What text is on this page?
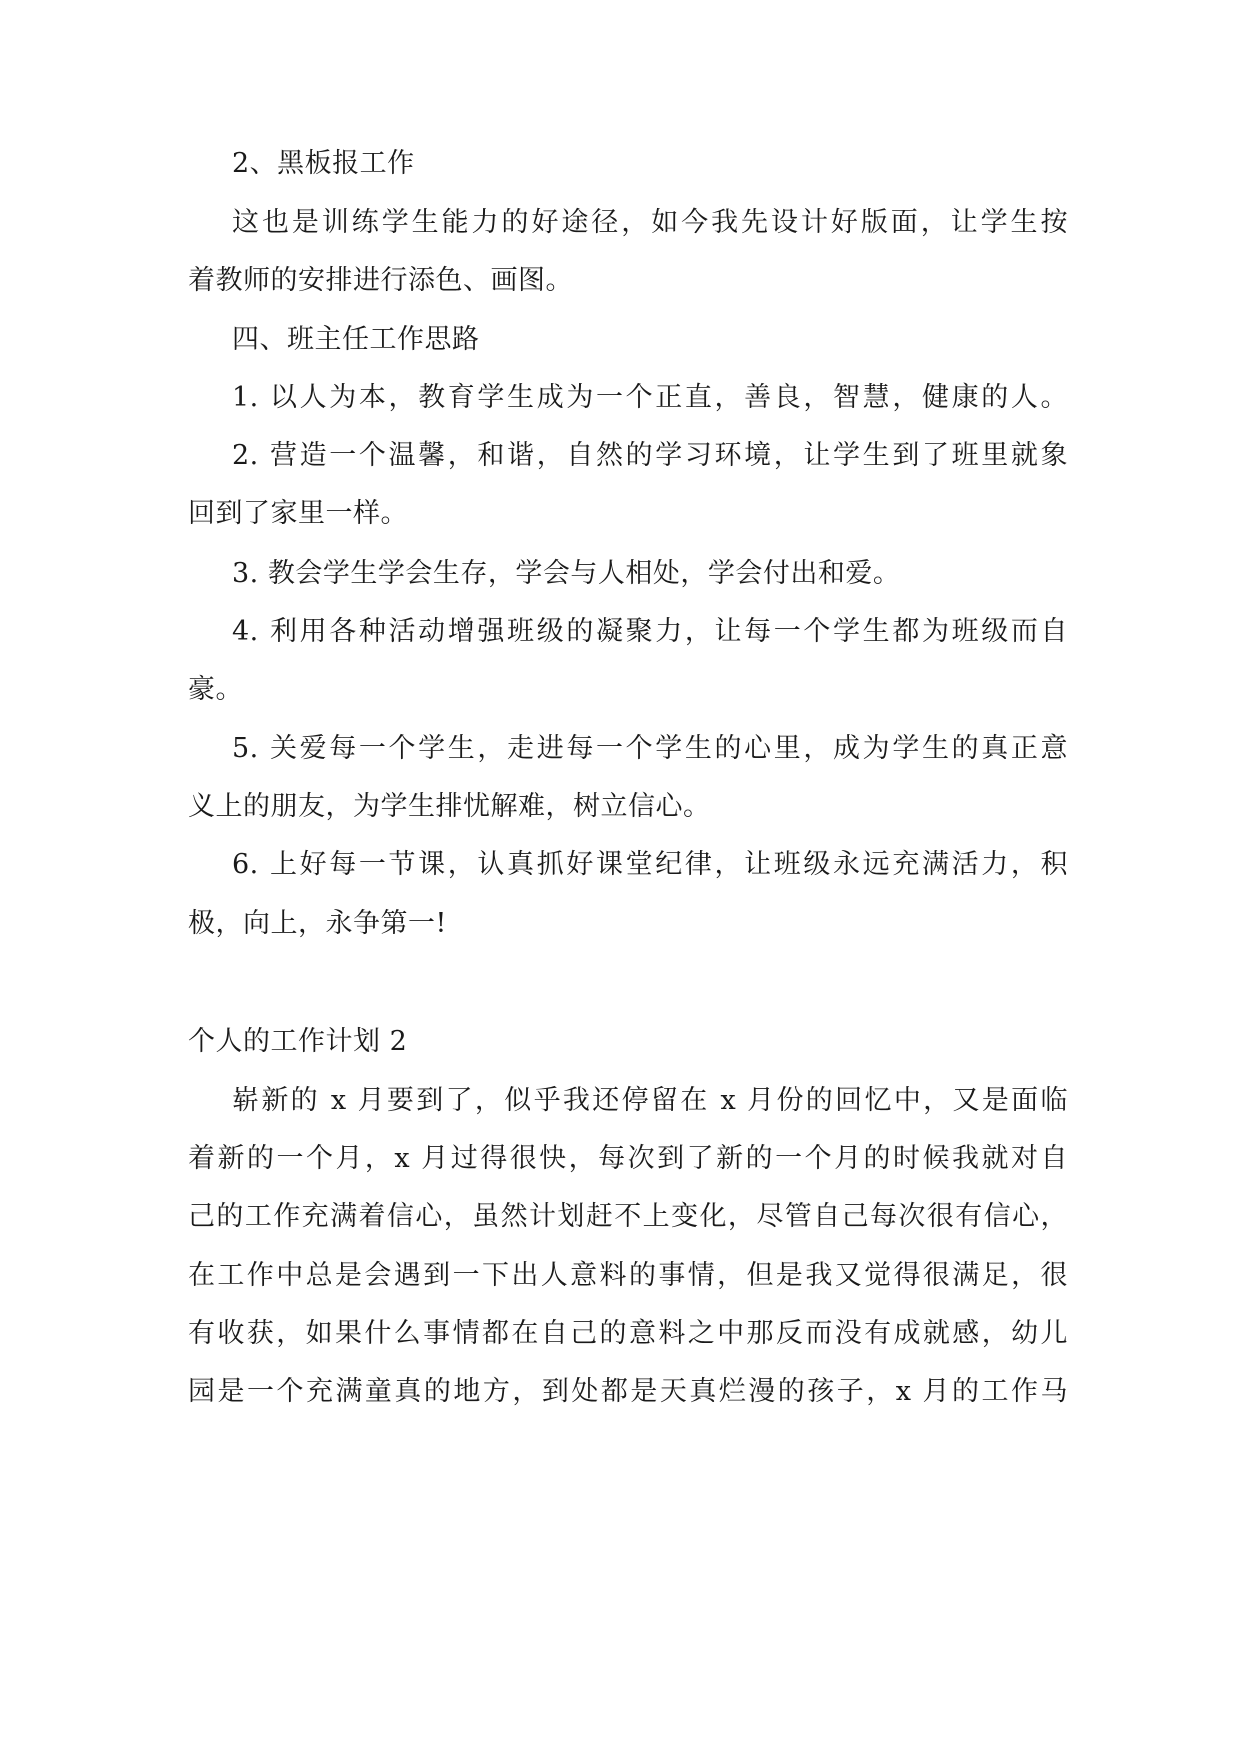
2、黑板报工作
这也是训练学生能力的好途径，如今我先设计好版面，让学生按
着教师的安排进行添色、画图。
四、班主任工作思路
1. 以人为本，教育学生成为一个正直，善良，智慧，健康的人。
2. 营造一个温馨，和谐，自然的学习环境，让学生到了班里就象
回到了家里一样。
3. 教会学生学会生存，学会与人相处，学会付出和爱。
4. 利用各种活动增强班级的凝聚力，让每一个学生都为班级而自
豪。
5. 关爱每一个学生，走进每一个学生的心里，成为学生的真正意
义上的朋友，为学生排忧解难，树立信心。
6. 上好每一节课，认真抓好课堂纪律，让班级永远充满活力，积
极，向上，永争第一!
个人的工作计划 2
崭新的 x 月要到了，似乎我还停留在 x 月份的回忆中，又是面临
着新的一个月，x 月过得很快，每次到了新的一个月的时候我就对自
己的工作充满着信心，虽然计划赶不上变化，尽管自己每次很有信心，
在工作中总是会遇到一下出人意料的事情，但是我又觉得很满足，很
有收获，如果什么事情都在自己的意料之中那反而没有成就感，幼儿
园是一个充满童真的地方，到处都是天真烂漫的孩子，x 月的工作马
